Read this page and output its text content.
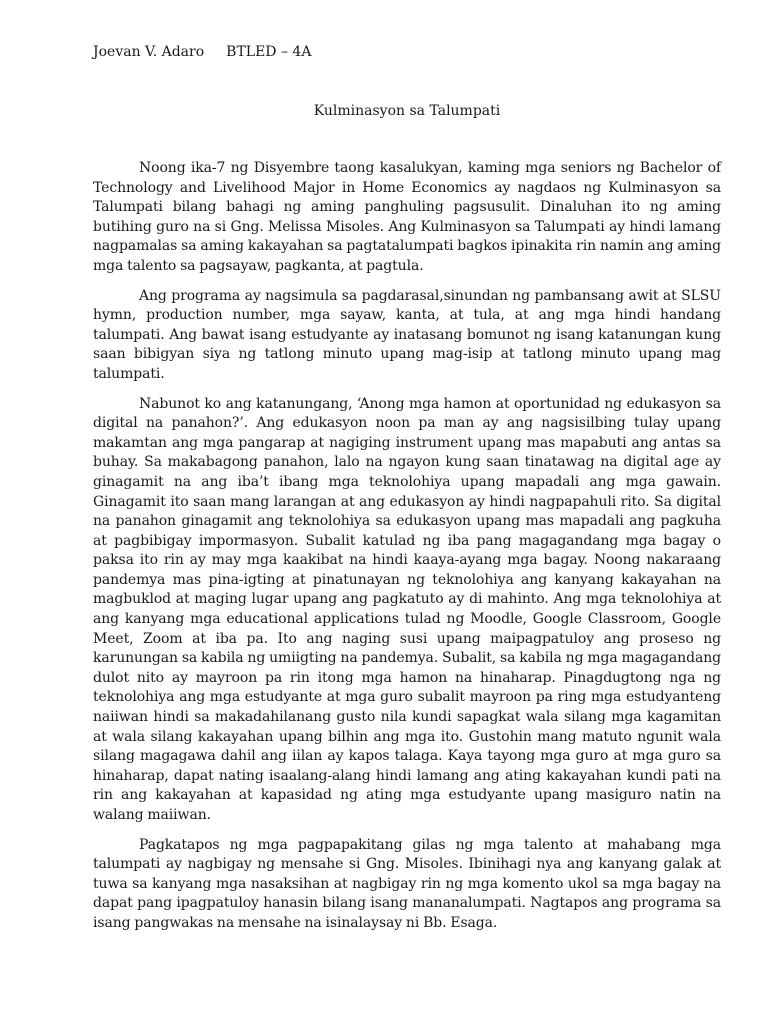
Joevan V. Adaro BTLED – 4A

Kulminasyon sa Talumpati

Noong ika-7 ng Disyembre taong kasalukyan, kaming mga seniors ng Bachelor of Technology and Livelihood Major in Home Economics ay nagdaos ng Kulminasyon sa Talumpati bilang bahagi ng aming panghuling pagsusulit. Dinaluhan ito ng aming butihing guro na si Gng. Melissa Misoles. Ang Kulminasyon sa Talumpati ay hindi lamang nagpamalas sa aming kakayahan sa pagtatalumpati bagkos ipinakita rin namin ang aming mga talento sa pagsayaw, pagkanta, at pagtula.

Ang programa ay nagsimula sa pagdarasal,sinundan ng pambansang awit at SLSU hymn, production number, mga sayaw, kanta, at tula, at ang mga hindi handang talumpati. Ang bawat isang estudyante ay inatasang bomunot ng isang katanungan kung saan bibigyan siya ng tatlong minuto upang mag-isip at tatlong minuto upang mag talumpati.

Nabunot ko ang katanungang, ‘Anong mga hamon at oportunidad ng edukasyon sa digital na panahon?’. Ang edukasyon noon pa man ay ang nagsisilbing tulay upang makamtan ang mga pangarap at nagiging instrument upang mas mapabuti ang antas sa buhay. Sa makabagong panahon, lalo na ngayon kung saan tinatawag na digital age ay ginagamit na ang iba’t ibang mga teknolohiya upang mapadali ang mga gawain. Ginagamit ito saan mang larangan at ang edukasyon ay hindi nagpapahuli rito. Sa digital na panahon ginagamit ang teknolohiya sa edukasyon upang mas mapadali ang pagkuha at pagbibigay impormasyon. Subalit katulad ng iba pang magagandang mga bagay o paksa ito rin ay may mga kaakibat na hindi kaaya-ayang mga bagay. Noong nakaraang pandemya mas pina-igting at pinatunayan ng teknolohiya ang kanyang kakayahan na magbuklod at maging lugar upang ang pagkatuto ay di mahinto. Ang mga teknolohiya at ang kanyang mga educational applications tulad ng Moodle, Google Classroom, Google Meet, Zoom at iba pa. Ito ang naging susi upang maipagpatuloy ang proseso ng karunungan sa kabila ng umiigting na pandemya. Subalit, sa kabila ng mga magagandang dulot nito ay mayroon pa rin itong mga hamon na hinaharap. Pinagdugtong nga ng teknolohiya ang mga estudyante at mga guro subalit mayroon pa ring mga estudyanteng naiiwan hindi sa makadahilanang gusto nila kundi sapagkat wala silang mga kagamitan at wala silang kakayahan upang bilhin ang mga ito. Gustohin mang matuto ngunit wala silang magagawa dahil ang iilan ay kapos talaga. Kaya tayong mga guro at mga guro sa hinaharap, dapat nating isaalang-alang hindi lamang ang ating kakayahan kundi pati na rin ang kakayahan at kapasidad ng ating mga estudyante upang masiguro natin na walang maiiwan.

Pagkatapos ng mga pagpapakitang gilas ng mga talento at mahabang mga talumpati ay nagbigay ng mensahe si Gng. Misoles. Ibinihagi nya ang kanyang galak at tuwa sa kanyang mga nasaksihan at nagbigay rin ng mga komento ukol sa mga bagay na dapat pang ipagpatuloy hanasin bilang isang mananalumpati. Nagtapos ang programa sa isang pangwakas na mensahe na isinalaysay ni Bb. Esaga.
